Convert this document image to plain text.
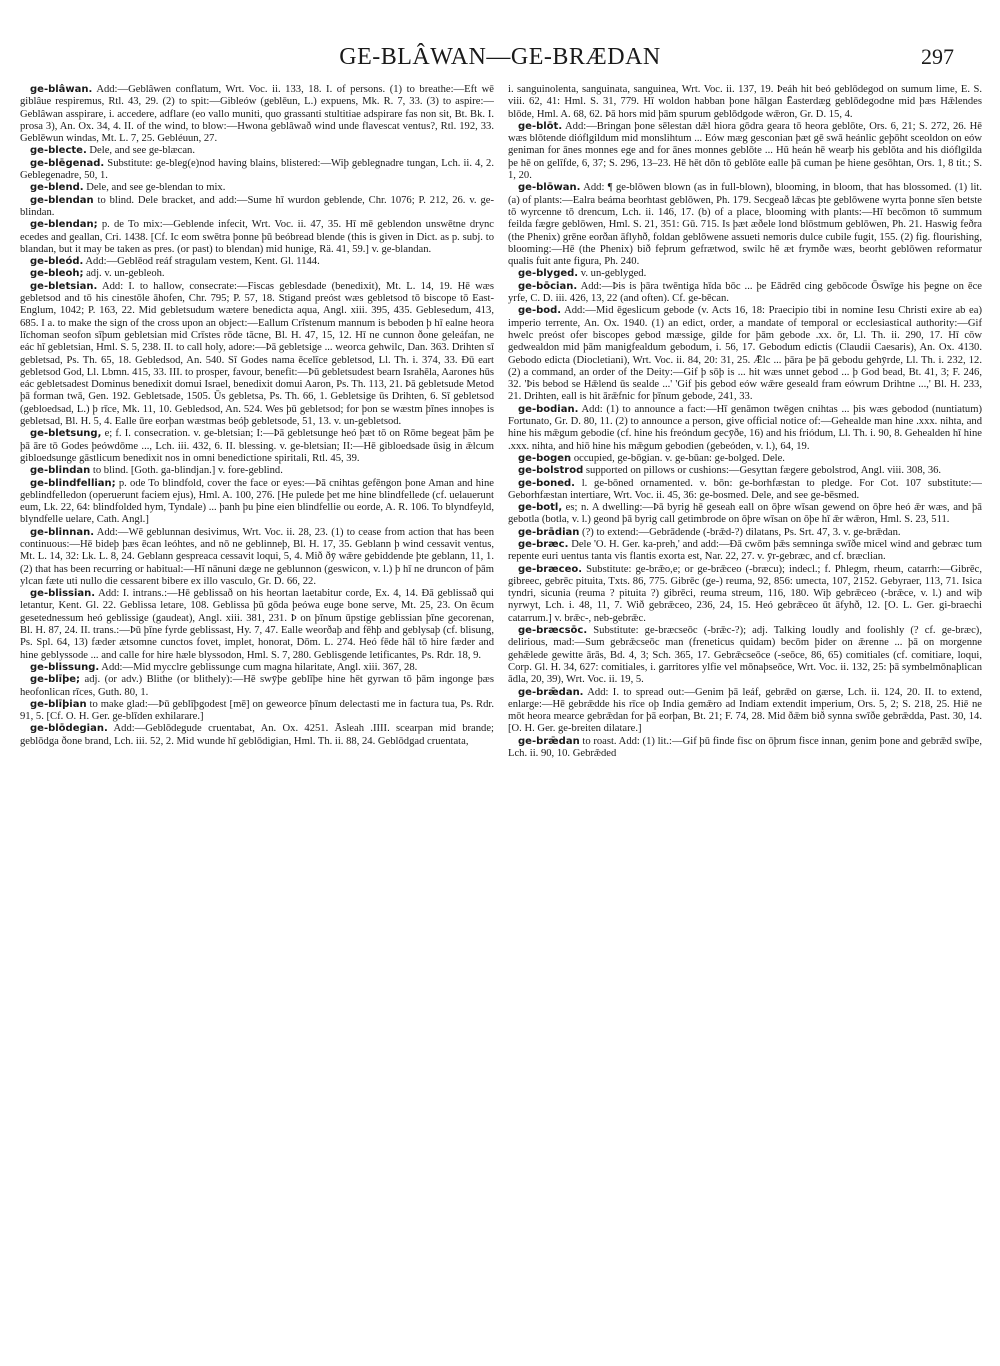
GE-BLÂWAN—GE-BRÆDAN	297

ge-blâwan. Add:—Geblâwen conflatum, Wrt. Voc. ii. 133, 18. I. of persons. (1) to breathe:—Eft wē giblâue respiremus, Rtl. 43, 29. (2) to spit:—Gibleów (geblēun, L.) expuens, Mk. R. 7, 33. (3) to aspire:—Geblâwan asspirare, i. accedere, adflare (eo vallo muniti, quo grassanti stultitiae adspirare fas non sit, Bt. Bk. I. prosa 3), An. Ox. 34, 4. II. of the wind, to blow:—Hwona geblâwað wind unde flavescat ventus?, Rtl. 192, 33. Geblēwun windas, Mt. L. 7, 25. Gebléuun, 27.

ge-blecte. Dele, and see ge-blæcan.

ge-blēgenad. Substitute: ge-bleg(e)nod having blains, blistered:—Wiþ geblegnadre tungan, Lch. ii. 4, 2. Geblegenadre, 50, 1.

ge-blend. Dele, and see ge-blendan to mix.

ge-blendan to blind. Dele bracket, and add:—Sume hī wurdon geblende, Chr. 1076; P. 212, 26. v. ge-blindan.

ge-blendan; p. de To mix:—Geblende infecit, Wrt. Voc. ii. 47, 35. Hī mē geblendon unswētne drync ecedes and geallan, Cri. 1438. [Cf. Ic eom swētra þonne þū beóbread blende (this is given in Dict. as p. subj. to blandan, but it may be taken as pres. (or past) to blendan) mid hunige, Rä. 41, 59.] v. ge-blandan.

ge-bleód. Add:—Geblēod reáf stragulam vestem, Kent. Gl. 1144.

ge-bleoh; adj. v. un-gebleoh.

ge-bletsian. Add: I. to hallow, consecrate:—Fiscas geblesdade (benedixit), Mt. L. 14, 19. Hē wæs gebletsod and tō his cinestōle āhofen, Chr. 795; P. 57, 18. Stigand preóst wæs gebletsod tō biscope tō East-Englum, 1042; P. 163, 22. Mid gebletsudum wætere benedicta aqua, Angl. xiii. 395, 435. Geblesedum, 413, 685. I a. to make the sign of the cross upon an object:—Eallum Crīstenum mannum is beboden þ hī ealne heora līchoman seofon sīþum gebletsian mid Crīstes rōde tācne, Bl. H. 47, 15, 12. Hī ne cunnon ðone geleáfan, ne eác hī gebletsian, Hml. S. 5, 238. II. to call holy, adore:—Þā gebletsige ... weorca gehwilc, Dan. 363. Drihten sī gebletsad, Ps. Th. 65, 18. Gebledsod, An. 540. Sī Godes nama ēcelīce gebletsod, Ll. Th. i. 374, 33. Ðū eart gebletsod God, Ll. Lbmn. 415, 33. III. to prosper, favour, benefit:—Þū gebletsudest bearn Israhēla, Aarones hūs eác gebletsadest Dominus benedixit domui Israel, benedixit domui Aaron, Ps. Th. 113, 21. Þā gebletsude Metod þā forman twā, Gen. 192. Gebletsade, 1505. Ūs gebletsa, Ps. Th. 66, 1. Gebletsige ūs Drihten, 6. Sī gebletsod (gebloedsad, L.) þ rīce, Mk. 11, 10. Gebledsod, An. 524. Wes þū gebletsod; for þon se wæstm þīnes innoþes is gebletsad, Bl. H. 5, 4. Ealle ūre eorþan wæstmas beóþ gebletsode, 51, 13. v. un-gebletsod.

ge-bletsung, e; f. I. consecration. v. ge-bletsian; I:—Þā gebletsunge heó þæt tō on Rōme begeat þām þe þā āre tō Godes þeówdōme ..., Lch. iii. 432, 6. II. blessing. v. ge-bletsian; II:—Hē gibloedsade ūsig in ǣlcum gibloedsunge gāstlicum benedixit nos in omni benedictione spiritali, Rtl. 45, 39.

ge-blindan to blind. [Goth. ga-blindjan.] v. fore-geblind.

ge-blindfellian; p. ode To blindfold, cover the face or eyes:—Þā cnihtas gefēngon þone Aman and hine geblindfelledon (operuerunt faciem ejus), Hml. A. 100, 276. [He pulede þet me hine blindfellede (cf. uelauerunt eum, Lk. 22, 64: blindfolded hym, Tyndale) ... þanh þu þine eien blindfellie ou eorde, A. R. 106. To blyndfeyld, blyndfelle uelare, Cath. Angl.]

ge-blinnan. Add:—Wē geblunnan desivimus, Wrt. Voc. ii. 28, 23. (1) to cease from action that has been continuous:—Hē bideþ þæs ēcan leóhtes, and nō ne geblinneþ, Bl. H. 17, 35. Geblann þ wind cessavit ventus, Mt. L. 14, 32: Lk. L. 8, 24. Geblann gespreaca cessavit loqui, 5, 4. Mið ðȳ wǣre gebiddende þte geblann, 11, 1. (2) that has been recurring or habitual:—Hī nānuni dæge ne geblunnon (geswicon, v. l.) þ hī ne druncon of þām ylcan fæte uti nullo die cessarent bibere ex illo vasculo, Gr. D. 66, 22.

ge-blissian. Add: I. intrans.:—Hē geblissað on his heortan laetabitur corde, Ex. 4, 14. Ðā geblissað qui letantur, Kent. Gl. 22. Geblissa letare, 108. Geblissa þū gōda þeówa euge bone serve, Mt. 25, 23. On ēcum gesetednessum heó geblissige (gaudeat), Angl. xiii. 381, 231. Þ on þīnum ūpstige geblissian þīne gecorenan, Bl. H. 87, 24. II. trans.:—Þū þīne fyrde geblissast, Hy. 7, 47. Ealle weorðaþ and fēhþ and geblysaþ (cf. blisung, Ps. Spl. 64, 13) fæder ætsomne cunctos fovet, implet, honorat, Dōm. L. 274. Heó fēde hāl tō hire fæder and hine geblyssode ... and calle for hire hæle blyssodon, Hml. S. 7, 280. Geblisgende letificantes, Ps. Rdr. 18, 9.

ge-blissung. Add:—Mid mycclre geblissunge cum magna hilaritate, Angl. xiii. 367, 28.

ge-blīþe; adj. (or adv.) Blithe (or blithely):—Hē swȳþe geblīþe hine hēt gyrwan tō þām ingonge þæs heofonlican rīces, Guth. 80, 1.

ge-blīþian to make glad:—Þū geblīþgodest [mē] on geweorce þīnum delectasti me in factura tua, Ps. Rdr. 91, 5. [Cf. O. H. Ger. ge-blīden exhilarare.]

ge-blōdegian. Add:—Geblōdegude cruentabat, An. Ox. 4251. Āsleah .IIII. scearpan mid brande; geblōdga ðone brand, Lch. iii. 52, 2. Mid wunde hī geblōdigian, Hml. Th. ii. 88, 24. Geblōdgad cruentata,

i. sanguinolenta, sanguinata, sanguinea, Wrt. Voc. ii. 137, 19. Þeáh hit beó geblōdegod on sumum lime, E. S. viii. 62, 41: Hml. S. 31, 779. Hī woldon habban þone hālgan Ēasterdæg geblōdegodne mid þæs Hǣlendes blōde, Hml. A. 68, 62. Þā hors mid þām spurum geblōdgode wǣron, Gr. D. 15, 4.

ge-blōt. Add:—Bringan þone sēlestan dǣl hiora gōdra geara tō heora geblōte, Ors. 6, 21; S. 272, 26. Hē wæs blōtende dióflgildum mid monslihtum ... Eów mæg gesconian þæt gē swā heánlic geþōht sceoldon on eów geniman for ānes monnes ege and for ānes monnes geblōte ... Hū heán hē wearþ his geblōta and his dióflgilda þe hē on gelīfde, 6, 37; S. 296, 13–23. Hē hēt dōn tō geblōte ealle þā cuman þe hiene gesōhtan, Ors. 1, 8 tit.; S. 1, 20.

ge-blōwan. Add: ¶ ge-blōwen blown (as in full-blown), blooming, in bloom, that has blossomed. (1) lit. (a) of plants:—Ealra beáma beorhtast geblōwen, Ph. 179. Secgeað lǣcas þte geblōwene wyrta þonne sīen betste tō wyrcenne tō drencum, Lch. ii. 146, 17. (b) of a place, blooming with plants:—Hī becōmon tō summum feilda fægre geblōwen, Hml. S. 21, 351: Gū. 715. Is þæt æðele lond blōstmum geblōwen, Ph. 21. Haswig feðra (the Phenix) grēne eorðan āflyhð, foldan geblōwene assueti nemoris dulce cubile fugit, 155. (2) fig. flourishing, blooming:—Hē (the Phenix) bið feþrum gefrætwod, swilc hē æt frymðe wæs, beorht geblōwen reformatur qualis fuit ante figura, Ph. 240.

ge-blyged. v. un-geblyged.

ge-bōcian. Add:—Þis is þāra twēntiga hīda bōc ... þe Eādrēd cing gebōcode Ōswīge his þegne on ēce yrfe, C. D. iii. 426, 13, 22 (and often). Cf. ge-bēcan.

ge-bod. Add:—Mid ēgeslicum gebode (v. Acts 16, 18: Praecipio tibi in nomine Iesu Christi exire ab ea) imperio terrente, An. Ox. 1940. (1) an edict, order, a mandate of temporal or ecclesiastical authority:—Gif hwelc preóst ofer biscopes gebod mæssige, gilde for þām gebode .xx. ōr, Ll. Th. ii. 290, 17. Hī cōw gedwealdon mid þām manigfealdum gebodum, i. 56, 17. Gebodum edictis (Claudii Caesaris), An. Ox. 4130. Gebodo edicta (Diocletiani), Wrt. Voc. ii. 84, 20: 31, 25. Ǣlc ... þāra þe þā gebodu gehȳrde, Ll. Th. i. 232, 12. (2) a command, an order of the Deity:—Gif þ sōþ is ... hit wæs unnet gebod ... þ God bead, Bt. 41, 3; F. 246, 32. 'Þis bebod se Hǣlend ūs sealde ...' 'Gif þis gebod eów wǣre geseald fram eówrum Drihtne ...,' Bl. H. 233, 21. Drihten, eall is hit ārǣfnic for þīnum gebode, 241, 33.

ge-bodian. Add: (1) to announce a fact:—Hī genāmon twēgen cnihtas ... þis wæs gebodod (nuntiatum) Fortunato, Gr. D. 80, 11. (2) to announce a person, give official notice of:—Gehealde man hine .xxx. nihta, and hine his mǣgum gebodie (cf. hine his freóndum gecȳðe, 16) and his friódum, Ll. Th. i. 90, 8. Gehealden hī hine .xxx. nihta, and hiō hine his mǣgum gebodien (gebeóden, v. l.), 64, 19.

ge-bogen occupied, ge-bōgian. v. ge-būan: ge-bolged. Dele.

ge-bolstrod supported on pillows or cushions:—Gesyttan fægere gebolstrod, Angl. viii. 308, 36.

ge-boned. l. ge-bōned ornamented. v. bōn: ge-borhfæstan to pledge. For Cot. 107 substitute:—Geborhfæstan intertiare, Wrt. Voc. ii. 45, 36: ge-bosmed. Dele, and see ge-bēsmed.

ge-botl, es; n. A dwelling:—Þā byrig hē geseah eall on ōþre wīsan gewend on ōþre heó ǣr wæs, and þā gebotla (botla, v. l.) geond þā byrig call getimbrode on ōþre wīsan on ōþe hī ǣr wǣron, Hml. S. 23, 511.

ge-brādian (?) to extend:—Gebrādende (-brǣd-?) dilatans, Ps. Srt. 47, 3. v. ge-brǣdan.

ge-bræc. Dele 'O. H. Ger. ka-preh,' and add:—Ðā cwōm þǣs semninga swīðe micel wind and gebræc tum repente euri uentus tanta vis flantis exorta est, Nar. 22, 27. v. ȳr-gebræc, and cf. bræclian.

ge-bræceo. Substitute: ge-brǣo,e; or ge-brǣceo (-bræcu); indecl.; f. Phlegm, rheum, catarrh:—Gibrēc, gibreec, gebrēc pituita, Txts. 86, 775. Gibrēc (ge-) reuma, 92, 856: umecta, 107, 2152. Gebyraer, 113, 71. Isica tyndri, sicunia (reuma ? pituita ?) gibrēci, reuma streum, 116, 180. Wiþ gebrǣceo (-brǣce, v. l.) and wiþ nyrwyt, Lch. i. 48, 11, 7. Wið gebrǣceo, 236, 24, 15. Heó gebrǣceo ūt āfyhð, 12. [O. L. Ger. gi-braechi catarrum.] v. brǣc-, neb-gebrǣc.

ge-bræcsōc. Substitute: ge-bræcseōc (-brǣc-?); adj. Talking loudly and foolishly (? cf. ge-bræc), delirious, mad:—Sum gebrǣcseōc man (freneticus quidam) becōm þider on ǣrenne ... þā on morgenne gehǣlede gewitte ārās, Bd. 4, 3; Sch. 365, 17. Gebrǣcseōce (-seōce, 86, 65) comitiales (cf. comitiare, loqui, Corp. Gl. H. 34, 627: comitiales, i. garritores ylfie vel mōnaþseōce, Wrt. Voc. ii. 132, 25: þā symbelmōnaþlican ādla, 20, 39), Wrt. Voc. ii. 19, 5.

ge-brǣdan. Add: I. to spread out:—Genim þā leáf, gebrǣd on gærse, Lch. ii. 124, 20. II. to extend, enlarge:—Hē gebrǣdde his rīce oþ India gemǣro ad Indiam extendit imperium, Ors. 5, 2; S. 218, 25. Hiē ne mōt heora mearce gebrǣdan for þā eorþan, Bt. 21; F. 74, 28. Mid ðǣm bið synna swīðe gebrǣdda, Past. 30, 14. [O. H. Ger. ge-breiten dilatare.]

ge-brǣdan to roast. Add: (1) lit.:—Gif þū finde fisc on ōþrum fisce innan, genim þone and gebrǣd swīþe, Lch. ii. 90, 10. Gebrǣded
